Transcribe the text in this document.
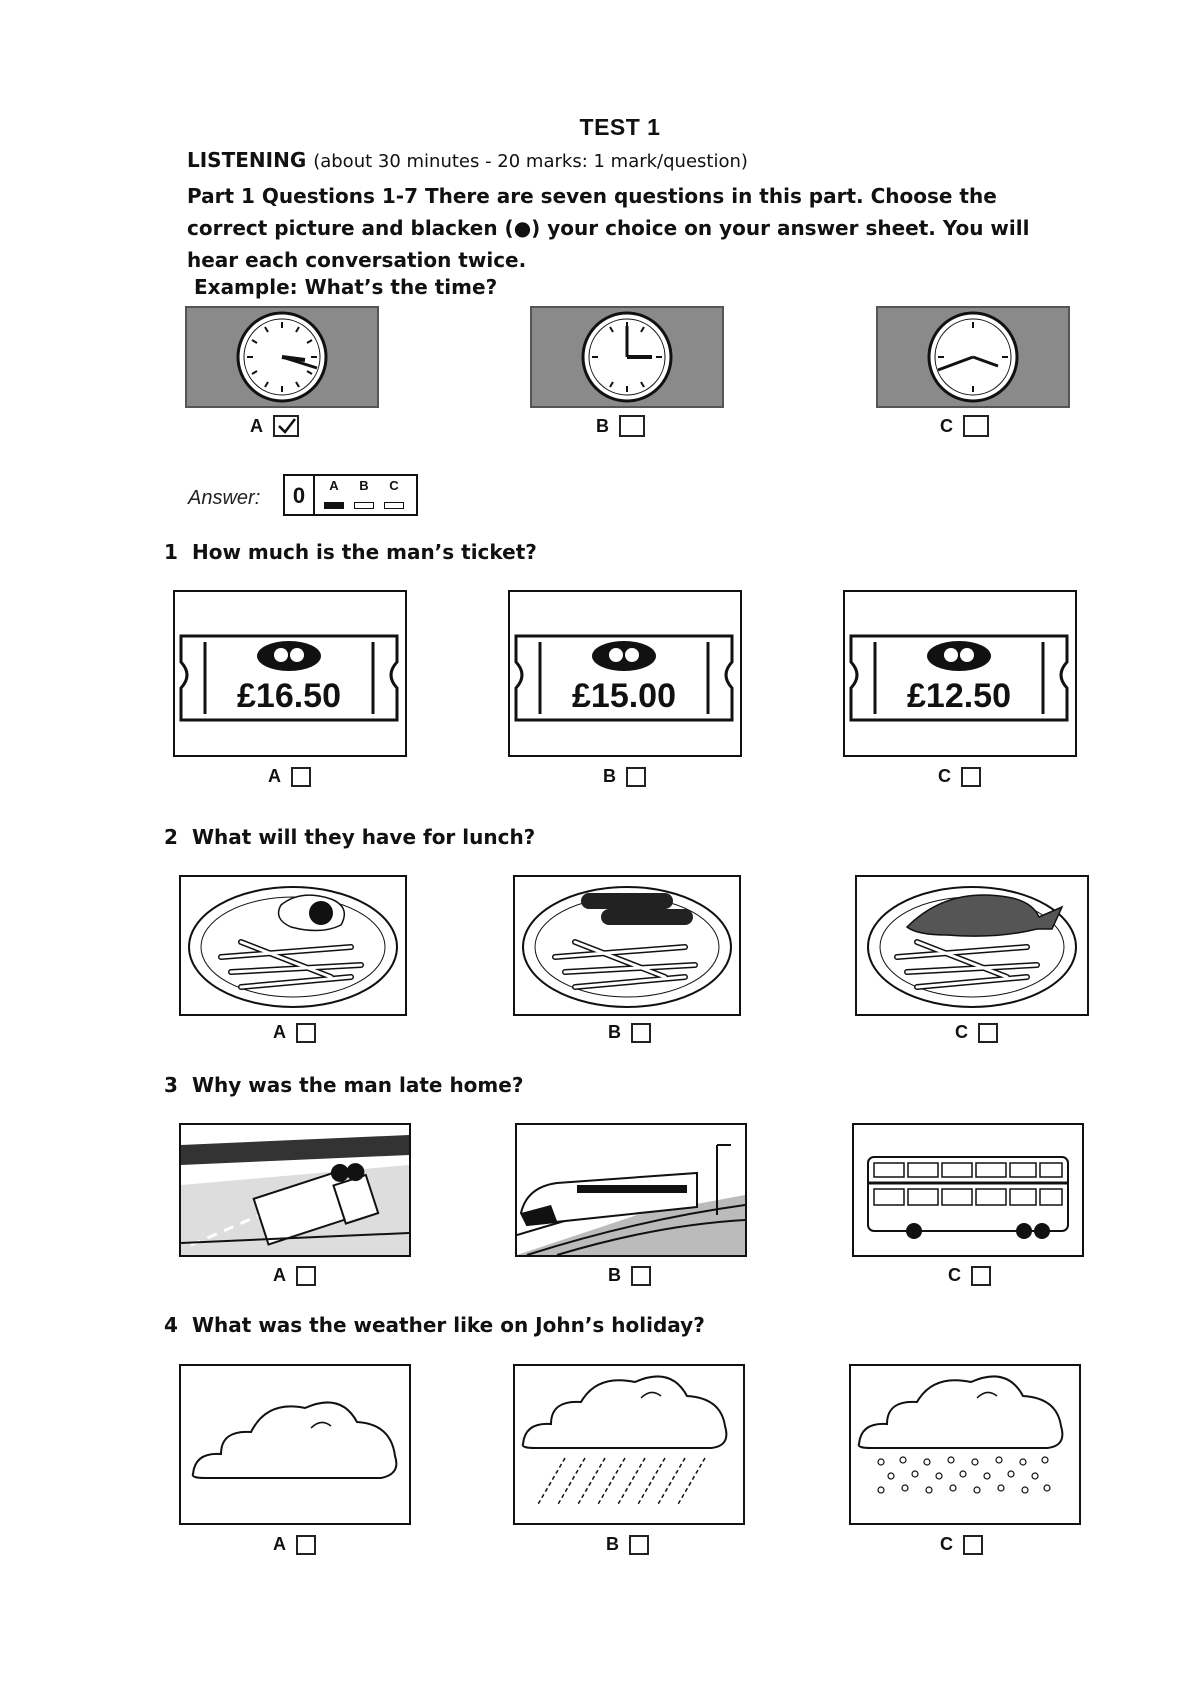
TEST 1
LISTENING (about 30 minutes - 20 marks: 1 mark/question)
Part 1 Questions 1-7 There are seven questions in this part. Choose the correct picture and blacken (●) your choice on your answer sheet. You will hear each conversation twice.
Example: What’s the time?
A	B	C
Answer:	0	A B C
1 How much is the man’s ticket?
£16.50
A
£15.00
B
£12.50
C
2 What will they have for lunch?
A	B	C
3 Why was the man late home?
A	B	C
4 What was the weather like on John’s holiday?
A	B	C
